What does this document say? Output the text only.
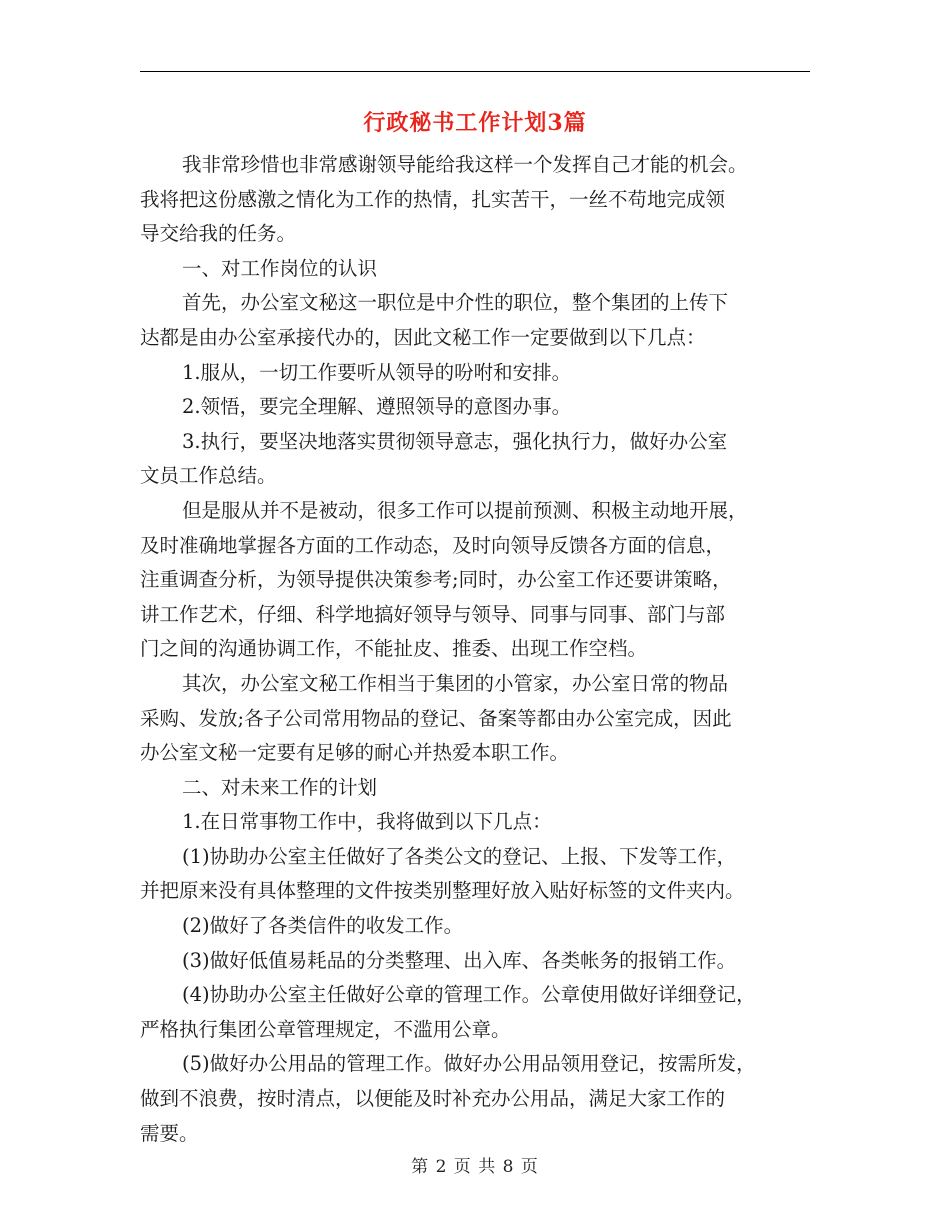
行政秘书工作计划3篇

我非常珍惜也非常感谢领导能给我这样一个发挥自己才能的机会。
我将把这份感激之情化为工作的热情，扎实苦干，一丝不苟地完成领
导交给我的任务。

一、对工作岗位的认识

首先，办公室文秘这一职位是中介性的职位，整个集团的上传下
达都是由办公室承接代办的，因此文秘工作一定要做到以下几点：

1.服从，一切工作要听从领导的吩咐和安排。

2.领悟，要完全理解、遵照领导的意图办事。

3.执行，要坚决地落实贯彻领导意志，强化执行力，做好办公室
文员工作总结。

但是服从并不是被动，很多工作可以提前预测、积极主动地开展，
及时准确地掌握各方面的工作动态，及时向领导反馈各方面的信息，
注重调查分析，为领导提供决策参考;同时，办公室工作还要讲策略，
讲工作艺术，仔细、科学地搞好领导与领导、同事与同事、部门与部
门之间的沟通协调工作，不能扯皮、推委、出现工作空档。

其次，办公室文秘工作相当于集团的小管家，办公室日常的物品
采购、发放;各子公司常用物品的登记、备案等都由办公室完成，因此
办公室文秘一定要有足够的耐心并热爱本职工作。

二、对未来工作的计划

1.在日常事物工作中，我将做到以下几点：

(1)协助办公室主任做好了各类公文的登记、上报、下发等工作，
并把原来没有具体整理的文件按类别整理好放入贴好标签的文件夹内。

(2)做好了各类信件的收发工作。

(3)做好低值易耗品的分类整理、出入库、各类帐务的报销工作。

(4)协助办公室主任做好公章的管理工作。公章使用做好详细登记，
严格执行集团公章管理规定，不滥用公章。

(5)做好办公用品的管理工作。做好办公用品领用登记，按需所发，
做到不浪费，按时清点，以便能及时补充办公用品，满足大家工作的
需要。

第 2 页 共 8 页
